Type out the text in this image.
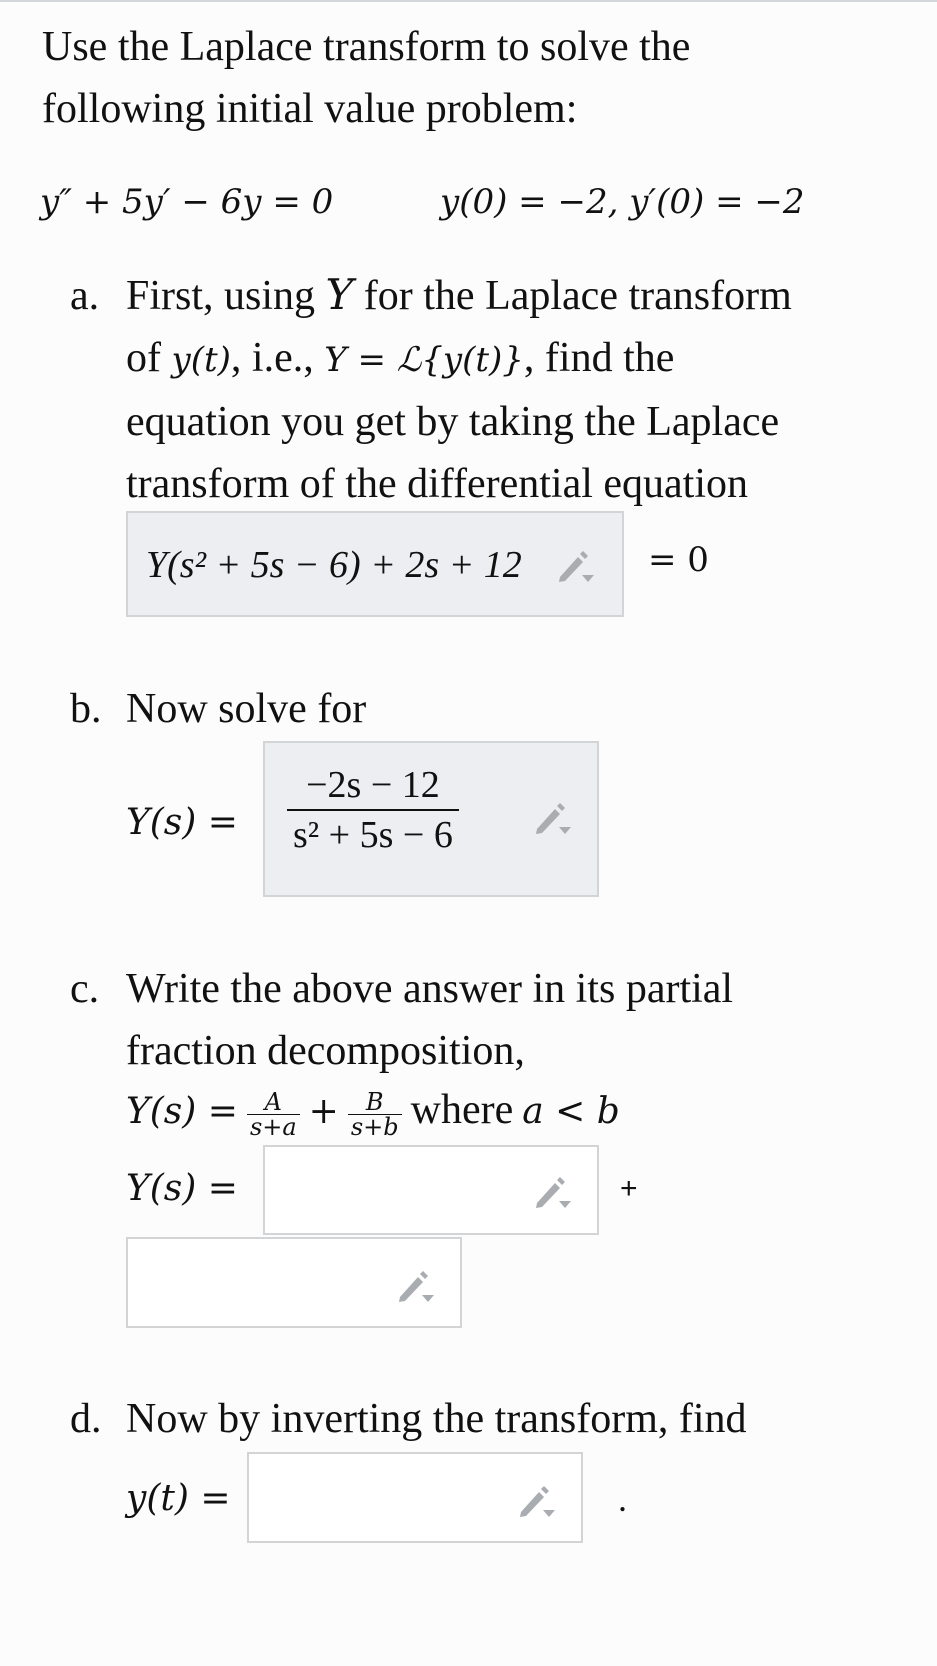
Use the Laplace transform to solve the
following initial value problem:
y″ + 5y′ − 6y = 0	y(0) = −2, y′(0) = −2
a. First, using Y for the Laplace transform
of y(t), i.e., Y = ℒ{y(t)}, find the
equation you get by taking the Laplace
transform of the differential equation
Y(s² + 5s − 6) + 2s + 12	= 0
b. Now solve for
$Y(s) = \frac{-2s - 12}{\text{s² + 5s − 6}}$
c. Write the above answer in its partial
fraction decomposition,
$Y(s) = \frac{A}{s+a} + \frac{B}{s+b}$ where a < b
Y(s) =	+
d. Now by inverting the transform, find
y(t) =	.
